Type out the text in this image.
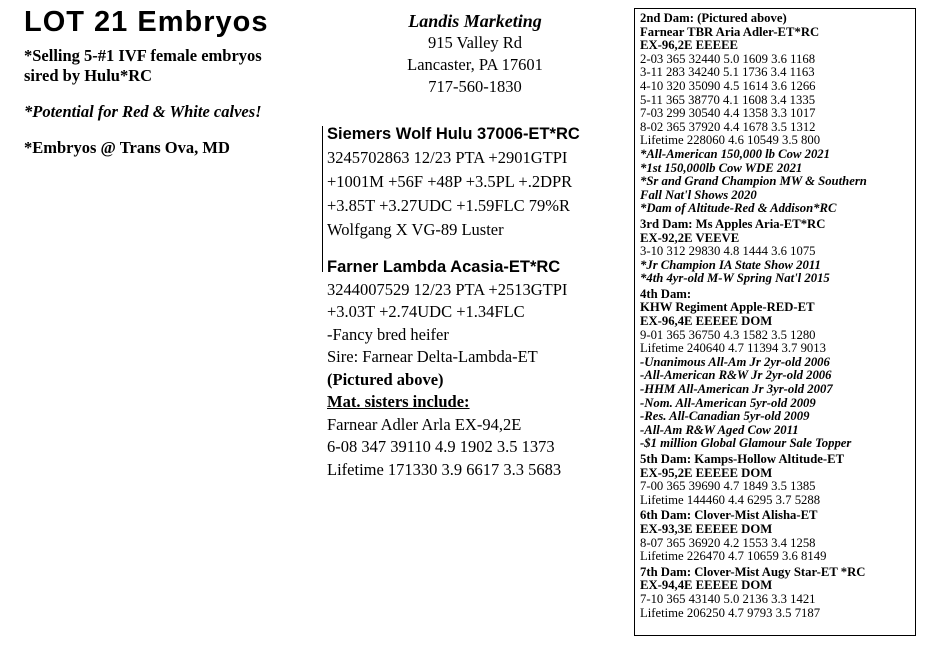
LOT 21 Embryos
*Selling 5-#1 IVF female embryos
sired by Hulu*RC
*Potential for Red & White calves!
*Embryos @ Trans Ova, MD
Landis Marketing
915 Valley Rd
Lancaster, PA 17601
717-560-1830
Siemers Wolf Hulu 37006-ET*RC
3245702863 12/23 PTA +2901GTPI
+1001M +56F +48P +3.5PL +.2DPR
+3.85T +3.27UDC +1.59FLC 79%R
Wolfgang X VG-89 Luster
Farner Lambda Acasia-ET*RC
3244007529 12/23 PTA +2513GTPI
+3.03T +2.74UDC +1.34FLC
-Fancy bred heifer
Sire: Farnear Delta-Lambda-ET
(Pictured above)
Mat. sisters include:
Farnear Adler Arla EX-94,2E
6-08 347 39110 4.9 1902 3.5 1373
Lifetime 171330 3.9 6617 3.3 5683
2nd Dam: (Pictured above)
Farnear TBR Aria Adler-ET*RC
EX-96,2E EEEEE
2-03 365 32440 5.0 1609 3.6 1168
3-11 283 34240 5.1 1736 3.4 1163
4-10 320 35090 4.5 1614 3.6 1266
5-11 365 38770 4.1 1608 3.4 1335
7-03 299 30540 4.4 1358 3.3 1017
8-02 365 37920 4.4 1678 3.5 1312
Lifetime 228060 4.6 10549 3.5 800
*All-American 150,000 lb Cow 2021
*1st 150,000lb Cow WDE 2021
*Sr and Grand Champion MW & Southern
Fall Nat'l Shows 2020
*Dam of Altitude-Red & Addison*RC
3rd Dam: Ms Apples Aria-ET*RC
EX-92,2E VEEVE
3-10 312 29830 4.8 1444 3.6 1075
*Jr Champion IA State Show 2011
*4th 4yr-old M-W Spring Nat'l 2015
4th Dam:
KHW Regiment Apple-RED-ET
EX-96,4E EEEEE DOM
9-01 365 36750 4.3 1582 3.5 1280
Lifetime 240640 4.7 11394 3.7 9013
-Unanimous All-Am Jr 2yr-old 2006
-All-American R&W Jr 2yr-old 2006
-HHM All-American Jr 3yr-old 2007
-Nom. All-American 5yr-old 2009
-Res. All-Canadian 5yr-old 2009
-All-Am R&W Aged Cow 2011
-$1 million Global Glamour Sale Topper
5th Dam: Kamps-Hollow Altitude-ET
EX-95,2E EEEEE DOM
7-00 365 39690 4.7 1849 3.5 1385
Lifetime 144460 4.4 6295 3.7 5288
6th Dam: Clover-Mist Alisha-ET
EX-93,3E EEEEE DOM
8-07 365 36920 4.2 1553 3.4 1258
Lifetime 226470 4.7 10659 3.6 8149
7th Dam: Clover-Mist Augy Star-ET *RC
EX-94,4E EEEEE DOM
7-10 365 43140 5.0 2136 3.3 1421
Lifetime 206250 4.7 9793 3.5 7187
